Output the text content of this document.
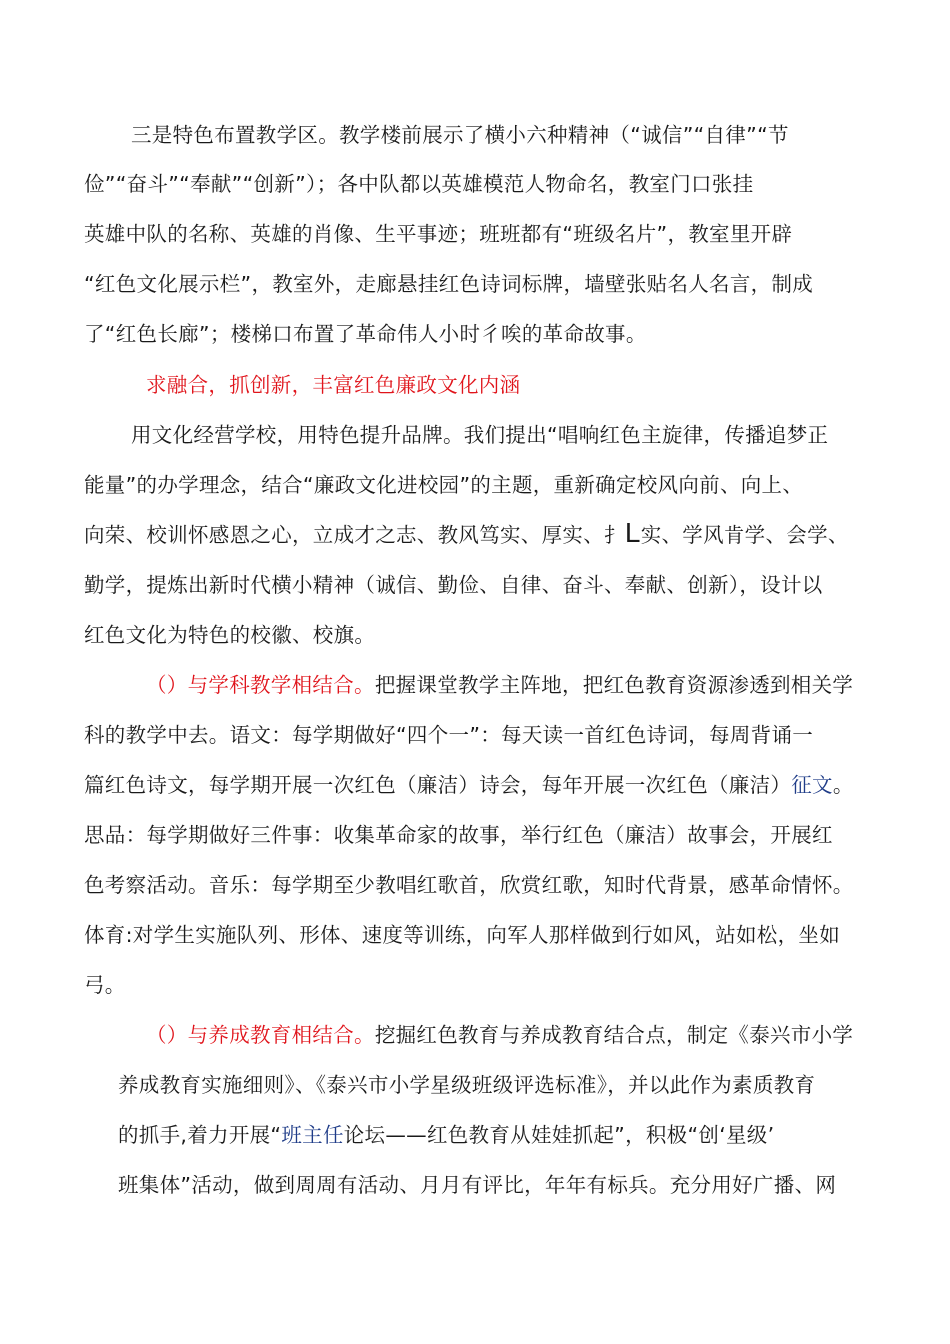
三是特色布置教学区。教学楼前展示了横小六种精神（“诚信”“自律”“节
俭”“奋斗”“奉献”“创新”）；各中队都以英雄模范人物命名，教室门口张挂
英雄中队的名称、英雄的肖像、生平事迹；班班都有“班级名片”，教室里开辟
“红色文化展示栏”，教室外，走廊悬挂红色诗词标牌，墙壁张贴名人名言，制成
了“红色长廊”；楼梯口布置了革命伟人小时彳唉的革命故事。
求融合，抓创新，丰富红色廉政文化内涵
用文化经营学校，用特色提升品牌。我们提出“唱响红色主旋律，传播追梦正
能量”的办学理念，结合“廉政文化进校园”的主题，重新确定校风向前、向上、
向荣、校训怀感恩之心，立成才之志、教风笃实、厚实、扌L实、学风肯学、会学、
勤学，提炼出新时代横小精神（诚信、勤俭、自律、奋斗、奉献、创新），设计以
红色文化为特色的校徽、校旗。
（）与学科教学相结合。把握课堂教学主阵地，把红色教育资源渗透到相关学
科的教学中去。语文：每学期做好“四个一”：每天读一首红色诗词，每周背诵一
篇红色诗文，每学期开展一次红色（廉洁）诗会，每年开展一次红色（廉洁）征文。
思品：每学期做好三件事：收集革命家的故事，举行红色（廉洁）故事会，开展红
色考察活动。音乐：每学期至少教唱红歌首，欣赏红歌，知时代背景，感革命情怀。
体育:对学生实施队列、形体、速度等训练，向军人那样做到行如风，站如松，坐如
弓。
（）与养成教育相结合。挖掘红色教育与养成教育结合点，制定《泰兴市小学
养成教育实施细则》、《泰兴市小学星级班级评选标准》，并以此作为素质教育
的抓手,着力开展“班主任论坛——红色教育从娃娃抓起”，积极“创‘星级’
班集体”活动，做到周周有活动、月月有评比，年年有标兵。充分用好广播、网
